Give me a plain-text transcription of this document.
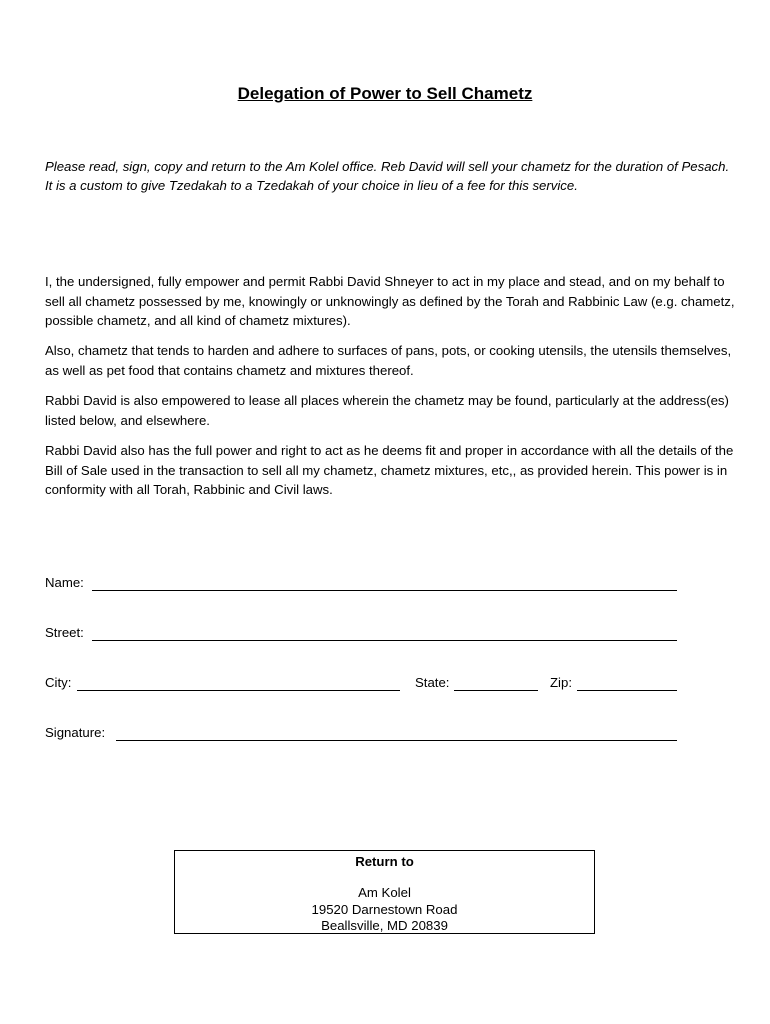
Delegation of Power to Sell Chametz
Please read, sign, copy and return to the Am Kolel office. Reb David will sell your chametz for the duration of Pesach. It is a custom to give Tzedakah to a Tzedakah of your choice in lieu of a fee for this service.
I, the undersigned, fully empower and permit Rabbi David Shneyer to act in my place and stead, and on my behalf to sell all chametz possessed by me, knowingly or unknowingly as defined by the Torah and Rabbinic Law (e.g. chametz, possible chametz, and all kind of chametz mixtures).
Also, chametz that tends to harden and adhere to surfaces of pans, pots, or cooking utensils, the utensils themselves, as well as pet food that contains chametz and mixtures thereof.
Rabbi David is also empowered to lease all places wherein the chametz may be found, particularly at the address(es) listed below, and elsewhere.
Rabbi David also has the full power and right to act as he deems fit and proper in accordance with all the details of the Bill of Sale used in the transaction to sell all my chametz, chametz mixtures, etc,, as provided herein. This power is in conformity with all Torah, Rabbinic and Civil laws.
Name:
Street:
City:	State:	Zip:
Signature:
Return to
Am Kolel
19520 Darnestown Road
Beallsville, MD 20839
